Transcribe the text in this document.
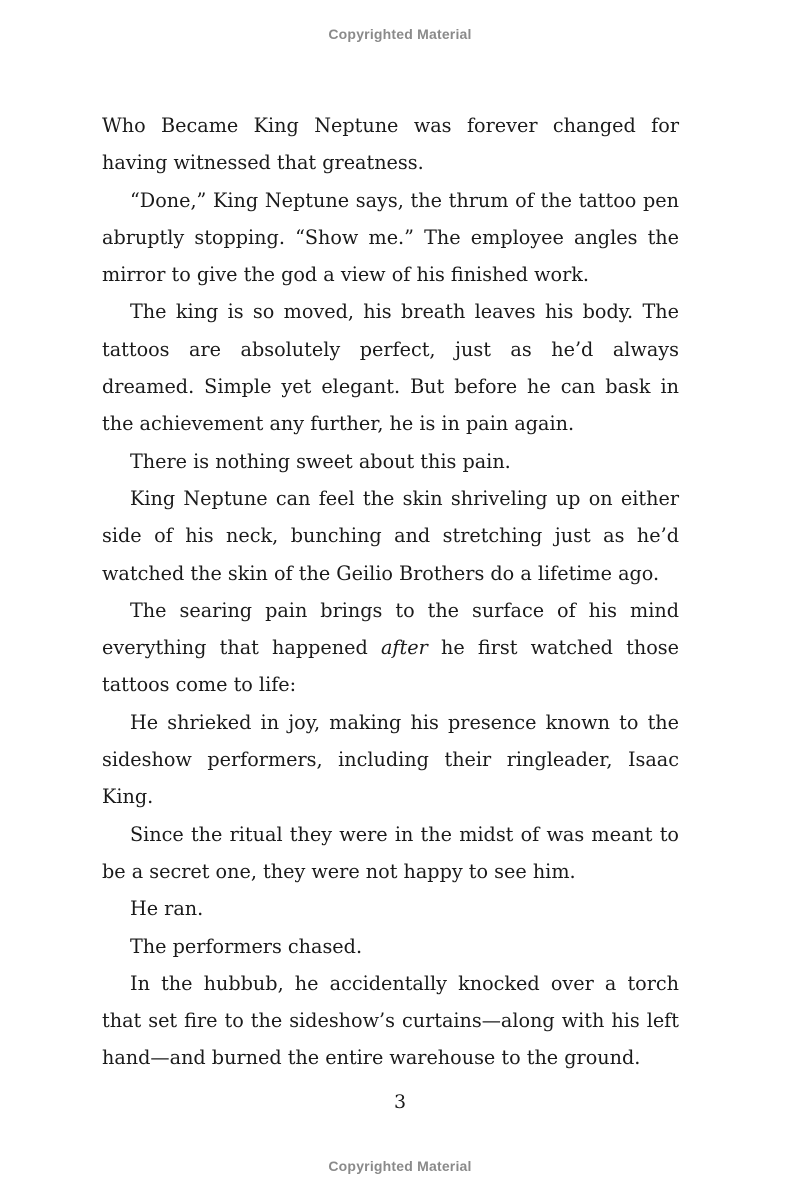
Copyrighted Material

Who Became King Neptune was forever changed for having witnessed that greatness.

“Done,” King Neptune says, the thrum of the tattoo pen abruptly stopping. “Show me.” The employee angles the mirror to give the god a view of his finished work.

The king is so moved, his breath leaves his body. The tattoos are absolutely perfect, just as he’d always dreamed. Simple yet elegant. But before he can bask in the achievement any further, he is in pain again.

There is nothing sweet about this pain.

King Neptune can feel the skin shriveling up on either side of his neck, bunching and stretching just as he’d watched the skin of the Geilio Brothers do a lifetime ago.

The searing pain brings to the surface of his mind everything that happened after he first watched those tattoos come to life:

He shrieked in joy, making his presence known to the sideshow performers, including their ringleader, Isaac King.

Since the ritual they were in the midst of was meant to be a secret one, they were not happy to see him.

He ran.

The performers chased.

In the hubbub, he accidentally knocked over a torch that set fire to the sideshow’s curtains—along with his left hand—and burned the entire warehouse to the ground.

3
Copyrighted Material
